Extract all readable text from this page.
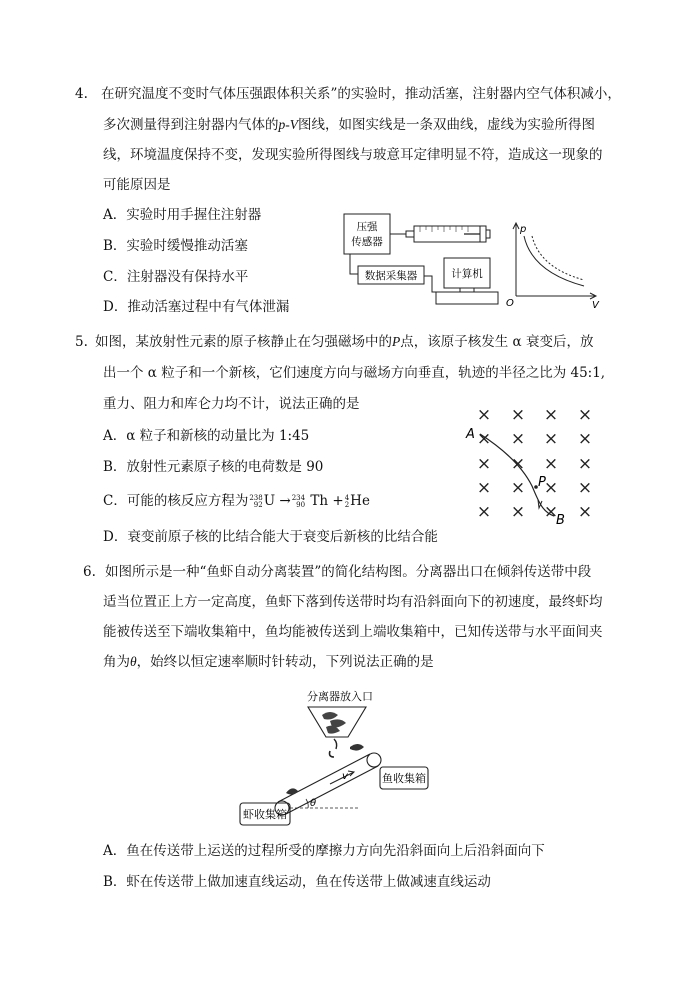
4. 在研究温度不变时气体压强跟体积关系”的实验时，推动活塞，注射器内空气体积减小，
多次测量得到注射器内气体的p-V图线，如图实线是一条双曲线，虚线为实验所得图
线，环境温度保持不变，发现实验所得图线与玻意耳定律明显不符，造成这一现象的
可能原因是
A．实验时用手握住注射器
B．实验时缓慢推动活塞
C．注射器没有保持水平
D．推动活塞过程中有气体泄漏
压强
传感器
数据采集器	计算机
p
V
O
5. 如图，某放射性元素的原子核静止在匀强磁场中的P点，该原子核发生 α 衰变后，放
出一个 α 粒子和一个新核，它们速度方向与磁场方向垂直，轨迹的半径之比为 45:1,
重力、阻力和库仑力均不计，说法正确的是
A．α 粒子和新核的动量比为 1:45
B．放射性元素原子核的电荷数是 90
C．可能的核反应方程为 238
92 U → 234
90 Th + 4
2 He
D．衰变前原子核的比结合能大于衰变后新核的比结合能
× × × ×
× × × ×
× × × ×
× × × ×
× × × ×
A
P
B
6. 如图所示是一种“鱼虾自动分离装置”的简化结构图。分离器出口在倾斜传送带中段
适当位置正上方一定高度，鱼虾下落到传送带时均有沿斜面向下的初速度，最终虾均
能被传送至下端收集箱中，鱼均能被传送到上端收集箱中，已知传送带与水平面间夹
角为θ，始终以恒定速率顺时针转动，下列说法正确的是
分离器放入口
v
θ
鱼收集箱
虾收集箱
A．鱼在传送带上运送的过程所受的摩擦力方向先沿斜面向上后沿斜面向下
B．虾在传送带上做加速直线运动，鱼在传送带上做减速直线运动
